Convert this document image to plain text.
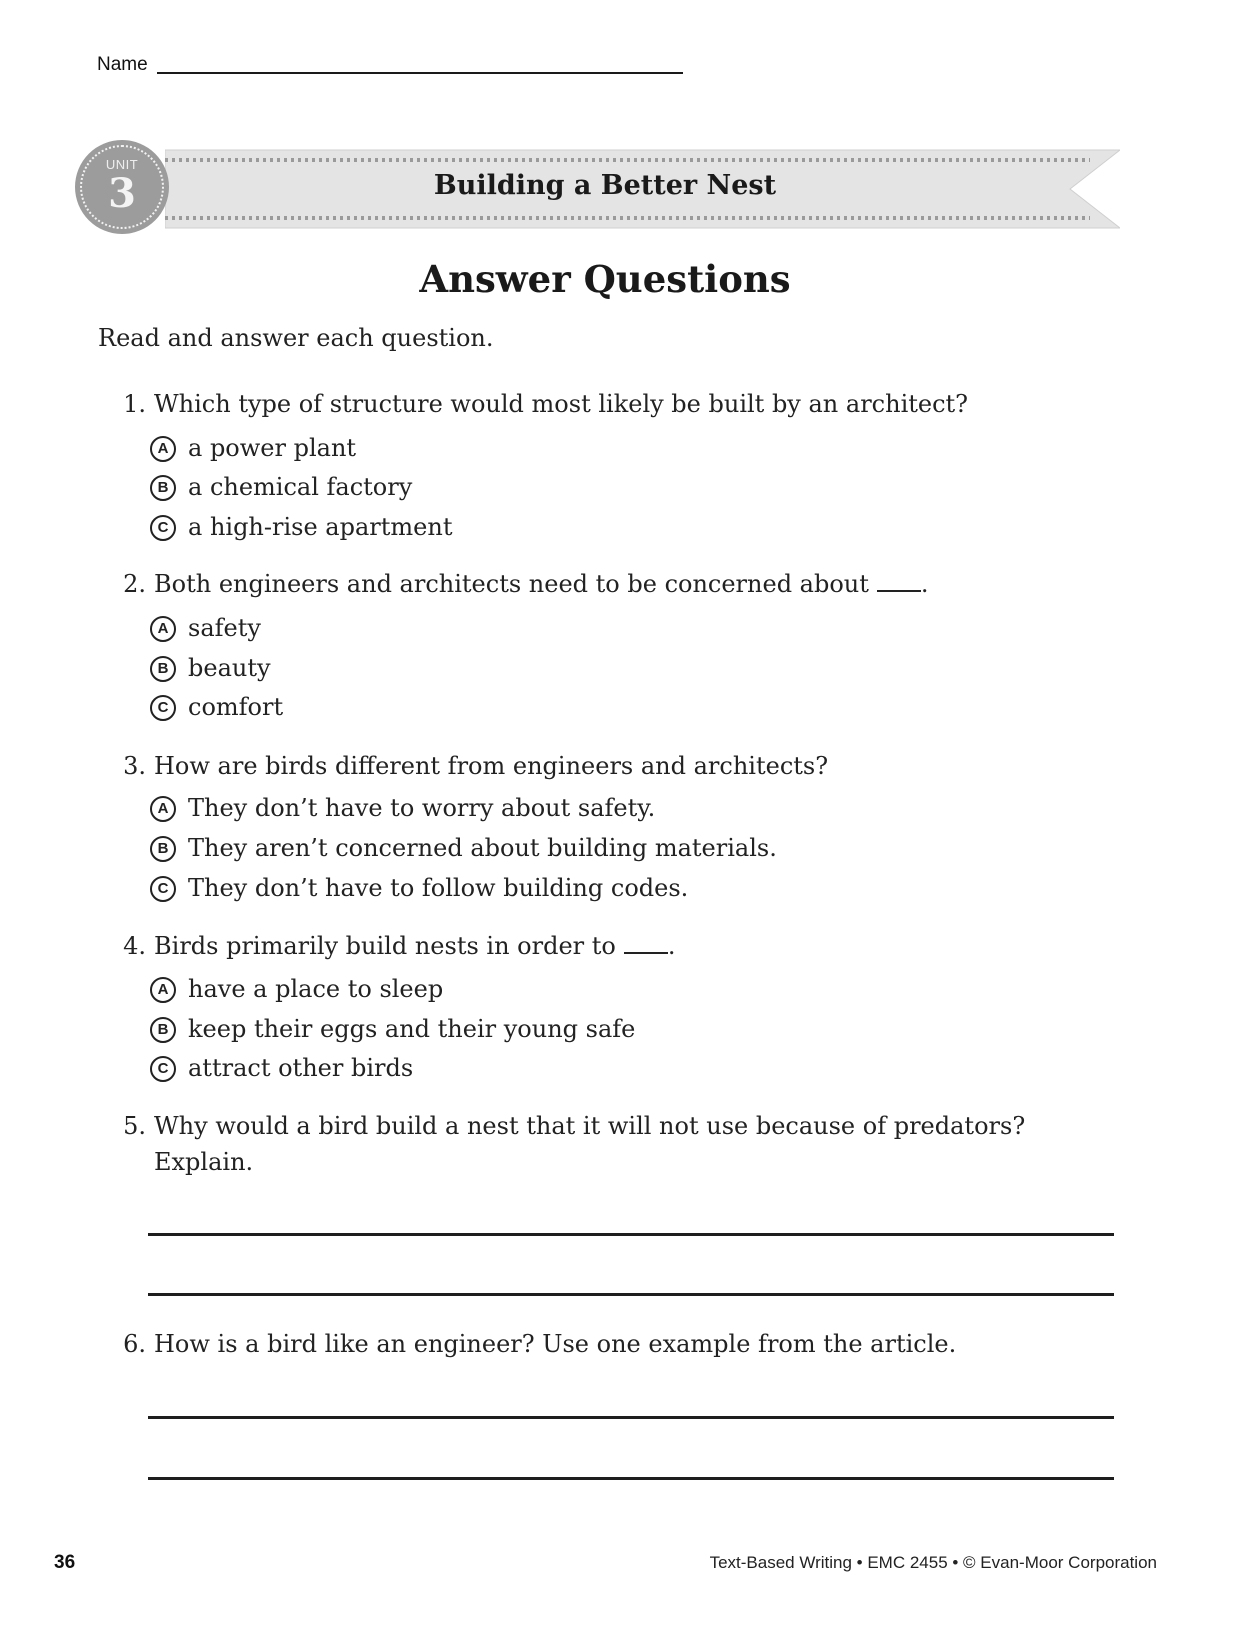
Name
Building a Better Nest
UNIT
3
Answer Questions
Read and answer each question.
1. Which type of structure would most likely be built by an architect?
A a power plant
B a chemical factory
C a high-rise apartment
2. Both engineers and architects need to be concerned about .
A safety
B beauty
C comfort
3. How are birds different from engineers and architects?
A They don’t have to worry about safety.
B They aren’t concerned about building materials.
C They don’t have to follow building codes.
4. Birds primarily build nests in order to .
A have a place to sleep
B keep their eggs and their young safe
C attract other birds
5. Why would a bird build a nest that it will not use because of predators?
Explain.
6. How is a bird like an engineer? Use one example from the article.
36	Text-Based Writing • EMC 2455 • © Evan-Moor Corporation
